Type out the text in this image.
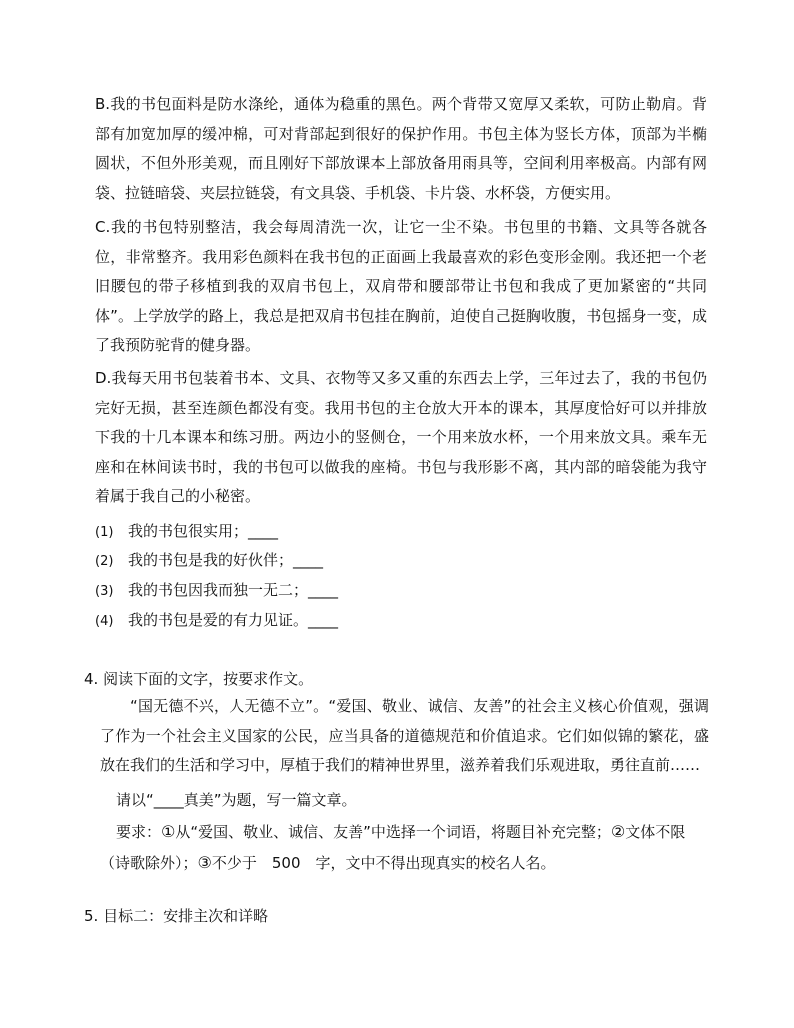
B.我的书包面料是防水涤纶，通体为稳重的黑色。两个背带又宽厚又柔软，可防止勒肩。背部有加宽加厚的缓冲棉，可对背部起到很好的保护作用。书包主体为竖长方体，顶部为半椭圆状，不但外形美观，而且刚好下部放课本上部放备用雨具等，空间利用率极高。内部有网袋、拉链暗袋、夹层拉链袋，有文具袋、手机袋、卡片袋、水杯袋，方便实用。

C.我的书包特别整洁，我会每周清洗一次，让它一尘不染。书包里的书籍、文具等各就各位，非常整齐。我用彩色颜料在我书包的正面画上我最喜欢的彩色变形金刚。我还把一个老旧腰包的带子移植到我的双肩书包上，双肩带和腰部带让书包和我成了更加紧密的“共同体”。上学放学的路上，我总是把双肩书包挂在胸前，迫使自己挺胸收腹，书包摇身一变，成了我预防驼背的健身器。

D.我每天用书包装着书本、文具、衣物等又多又重的东西去上学，三年过去了，我的书包仍完好无损，甚至连颜色都没有变。我用书包的主仓放大开本的课本，其厚度恰好可以并排放下我的十几本课本和练习册。两边小的竖侧仓，一个用来放水杯，一个用来放文具。乘车无座和在林间读书时，我的书包可以做我的座椅。书包与我形影不离，其内部的暗袋能为我守着属于我自己的小秘密。

(1) 我的书包很实用；____
(2) 我的书包是我的好伙伴；____
(3) 我的书包因我而独一无二；____
(4) 我的书包是爱的有力见证。____
4. 阅读下面的文字，按要求作文。

“国无德不兴，人无德不立”。“爱国、敬业、诚信、友善”的社会主义核心价值观，强调了作为一个社会主义国家的公民，应当具备的道德规范和价值追求。它们如似锦的繁花，盛放在我们的生活和学习中，厚植于我们的精神世界里，滋养着我们乐观进取，勇往直前……

请以“____真美”为题，写一篇文章。

要求：①从“爱国、敬业、诚信、友善”中选择一个词语，将题目补充完整；②文体不限（诗歌除外）；③不少于　500　字，文中不得出现真实的校名人名。

5. 目标二：安排主次和详略
